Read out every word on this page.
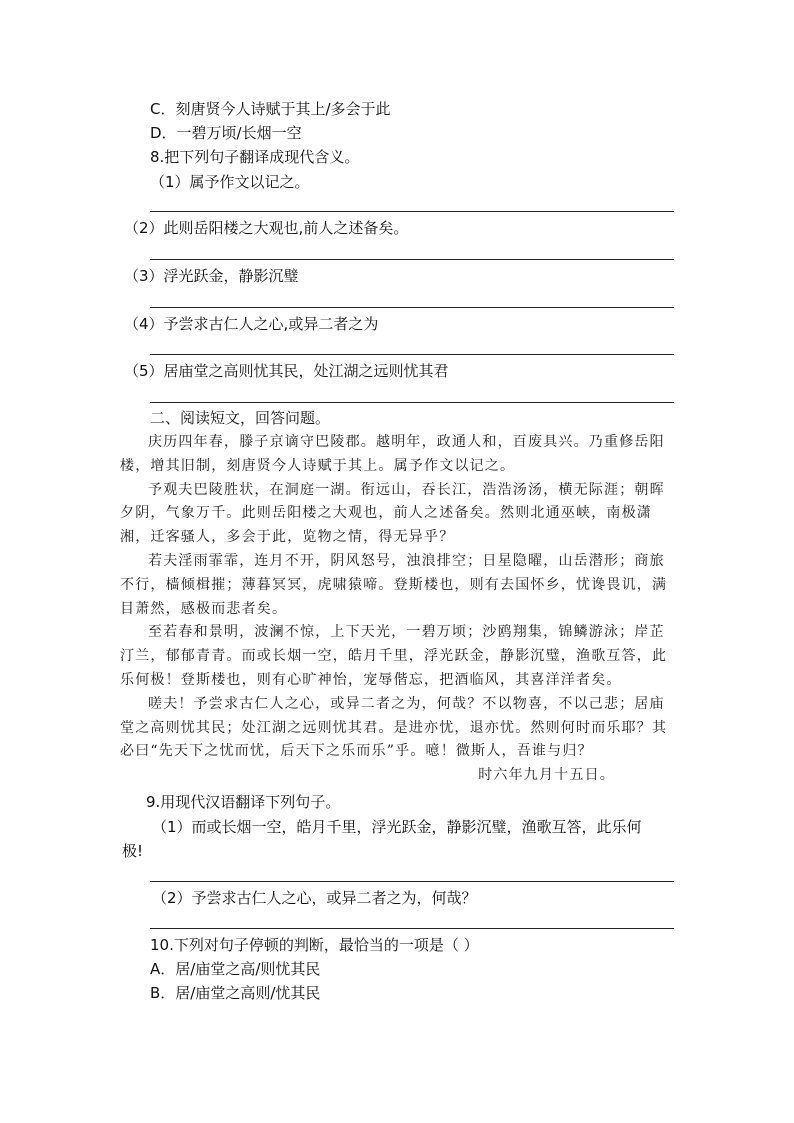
C．刻唐贤今人诗赋于其上/多会于此
D．一碧万顷/长烟一空
8.把下列句子翻译成现代含义。
（1）属予作文以记之。
（2）此则岳阳楼之大观也,前人之述备矣。
（3）浮光跃金，静影沉璧
（4）予尝求古仁人之心,或异二者之为
（5）居庙堂之高则忧其民，处江湖之远则忧其君
二、阅读短文，回答问题。

庆历四年春，滕子京谪守巴陵郡。越明年，政通人和，百废具兴。乃重修岳阳楼，增其旧制，刻唐贤今人诗赋于其上。属予作文以记之。

予观夫巴陵胜状，在洞庭一湖。衔远山，吞长江，浩浩汤汤，横无际涯；朝晖夕阴，气象万千。此则岳阳楼之大观也，前人之述备矣。然则北通巫峡，南极潇湘，迁客骚人，多会于此，览物之情，得无异乎？

若夫淫雨霏霏，连月不开，阴风怒号，浊浪排空；日星隐曜，山岳潜形；商旅不行，樯倾楫摧；薄暮冥冥，虎啸猿啼。登斯楼也，则有去国怀乡，忧谗畏讥，满目萧然，感极而悲者矣。

至若春和景明，波澜不惊，上下天光，一碧万顷；沙鸥翔集，锦鳞游泳；岸芷汀兰，郁郁青青。而或长烟一空，皓月千里，浮光跃金，静影沉璧，渔歌互答，此乐何极！登斯楼也，则有心旷神怡，宠辱偕忘，把酒临风，其喜洋洋者矣。

嗟夫！予尝求古仁人之心，或异二者之为，何哉？不以物喜，不以己悲；居庙堂之高则忧其民；处江湖之远则忧其君。是进亦忧，退亦忧。然则何时而乐耶？其必曰“先天下之忧而忧，后天下之乐而乐”乎。噫！微斯人，吾谁与归？

时六年九月十五日。

9.用现代汉语翻译下列句子。
（1）而或长烟一空，皓月千里，浮光跃金，静影沉璧，渔歌互答，此乐何
极!
（2）予尝求古仁人之心，或异二者之为，何哉？
10.下列对句子停顿的判断，最恰当的一项是（ ）
A．居/庙堂之高/则忧其民
B．居/庙堂之高则/忧其民
